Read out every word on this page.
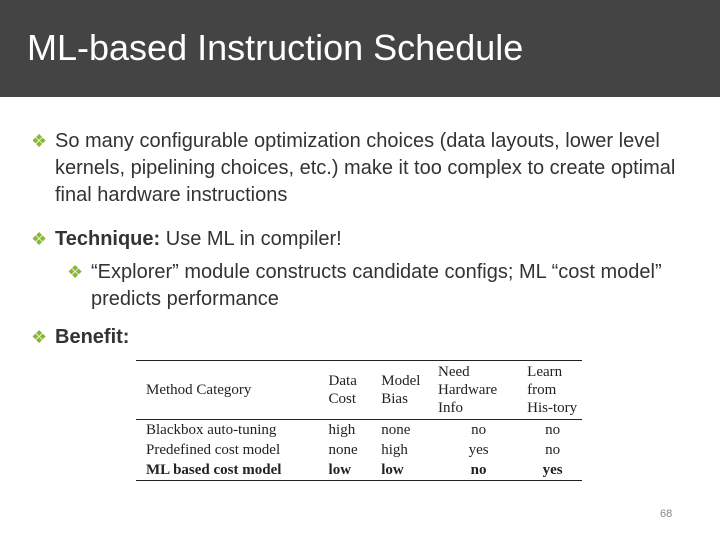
ML-based Instruction Schedule
❖ So many configurable optimization choices (data layouts, lower level kernels, pipelining choices, etc.) make it too complex to create optimal final hardware instructions
❖ Technique: Use ML in compiler!
❖ “Explorer” module constructs candidate configs; ML “cost model” predicts performance
❖ Benefit:
Method Category	Data Cost	Model Bias	Need Hardware Info	Learn from His-tory
Blackbox auto-tuning	high	none	no	no
Predefined cost model	none	high	yes	no
ML based cost model	low	low	no	yes
68
